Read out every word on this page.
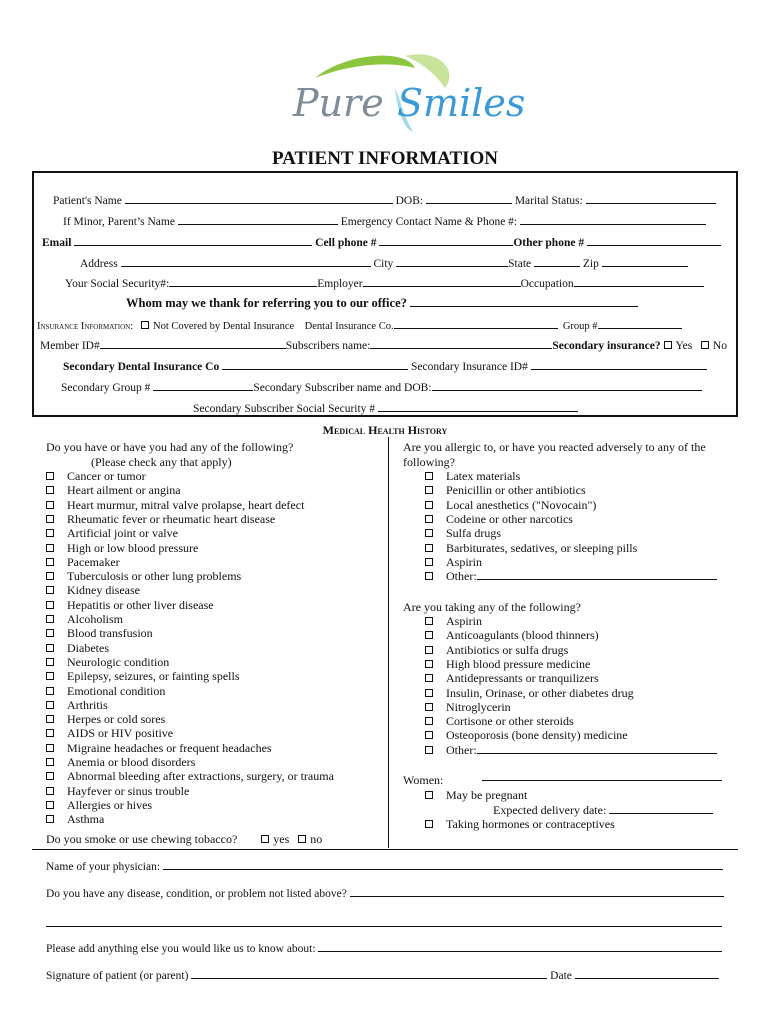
Pure Smiles
PATIENT INFORMATION
Patient's Name	DOB:	Marital Status:
If Minor, Parent’s Name	Emergency Contact Name & Phone #:
Email	Cell phone #	Other phone #
Address	City	State	Zip
Your Social Security#:	Employer	Occupation
Whom may we thank for referring you to our office?
Insurance Information: Not Covered by Dental Insurance Dental Insurance Co.	Group #
Member ID#	Subscribers name:	Secondary insurance? Yes No
Secondary Dental Insurance Co	Secondary Insurance ID#
Secondary Group #	Secondary Subscriber name and DOB:
Secondary Subscriber Social Security #
Medical Health History
Do you have or have you had any of the following?
(Please check any that apply)
Cancer or tumor
Heart ailment or angina
Heart murmur, mitral valve prolapse, heart defect
Rheumatic fever or rheumatic heart disease
Artificial joint or valve
High or low blood pressure
Pacemaker
Tuberculosis or other lung problems
Kidney disease
Hepatitis or other liver disease
Alcoholism
Blood transfusion
Diabetes
Neurologic condition
Epilepsy, seizures, or fainting spells
Emotional condition
Arthritis
Herpes or cold sores
AIDS or HIV positive
Migraine headaches or frequent headaches
Anemia or blood disorders
Abnormal bleeding after extractions, surgery, or trauma
Hayfever or sinus trouble
Allergies or hives
Asthma
Do you smoke or use chewing tobacco?	yes no
Are you allergic to, or have you reacted adversely to any of the
following?
Latex materials
Penicillin or other antibiotics
Local anesthetics ("Novocain")
Codeine or other narcotics
Sulfa drugs
Barbiturates, sedatives, or sleeping pills
Aspirin
Other:
Are you taking any of the following?
Aspirin
Anticoagulants (blood thinners)
Antibiotics or sulfa drugs
High blood pressure medicine
Antidepressants or tranquilizers
Insulin, Orinase, or other diabetes drug
Nitroglycerin
Cortisone or other steroids
Osteoporosis (bone density) medicine
Other:
Women:
May be pregnant
Expected delivery date:
Taking hormones or contraceptives
Name of your physician:
Do you have any disease, condition, or problem not listed above?
Please add anything else you would like us to know about:
Signature of patient (or parent)	Date
